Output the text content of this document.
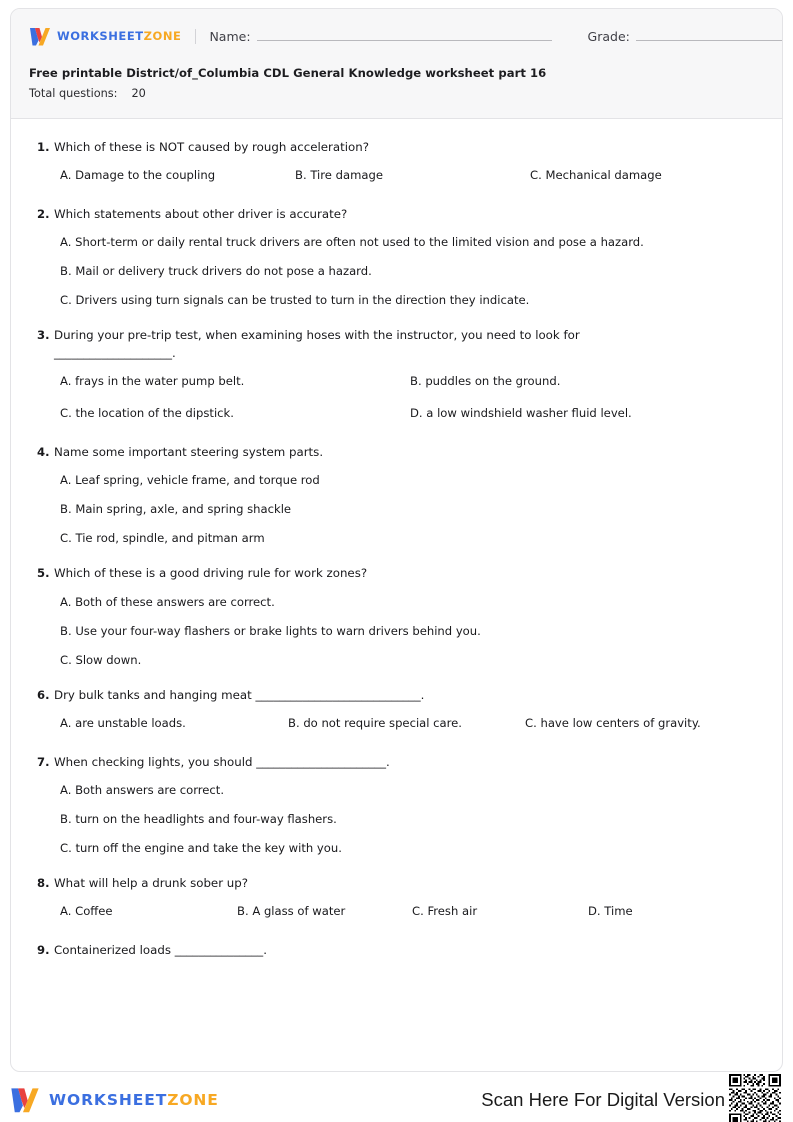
WORKSHEETZONE Name:	Grade:
Free printable District/of_Columbia CDL General Knowledge worksheet part 16
Total questions: 20
1. Which of these is NOT caused by rough acceleration?
A. Damage to the coupling	B. Tire damage	C. Mechanical damage
2. Which statements about other driver is accurate?
A. Short-term or daily rental truck drivers are often not used to the limited vision and pose a hazard.
B. Mail or delivery truck drivers do not pose a hazard.
C. Drivers using turn signals can be trusted to turn in the direction they indicate.
3. During your pre-trip test, when examining hoses with the instructor, you need to look for ____________________.
A. frays in the water pump belt.	B. puddles on the ground.
C. the location of the dipstick.	D. a low windshield washer fluid level.
4. Name some important steering system parts.
A. Leaf spring, vehicle frame, and torque rod
B. Main spring, axle, and spring shackle
C. Tie rod, spindle, and pitman arm
5. Which of these is a good driving rule for work zones?
A. Both of these answers are correct.
B. Use your four-way flashers or brake lights to warn drivers behind you.
C. Slow down.
6. Dry bulk tanks and hanging meat ____________________________.
A. are unstable loads.	B. do not require special care.	C. have low centers of gravity.
7. When checking lights, you should ______________________.
A. Both answers are correct.
B. turn on the headlights and four-way flashers.
C. turn off the engine and take the key with you.
8. What will help a drunk sober up?
A. Coffee	B. A glass of water	C. Fresh air	D. Time
9. Containerized loads _______________.
WORKSHEETZONE	Scan Here For Digital Version
